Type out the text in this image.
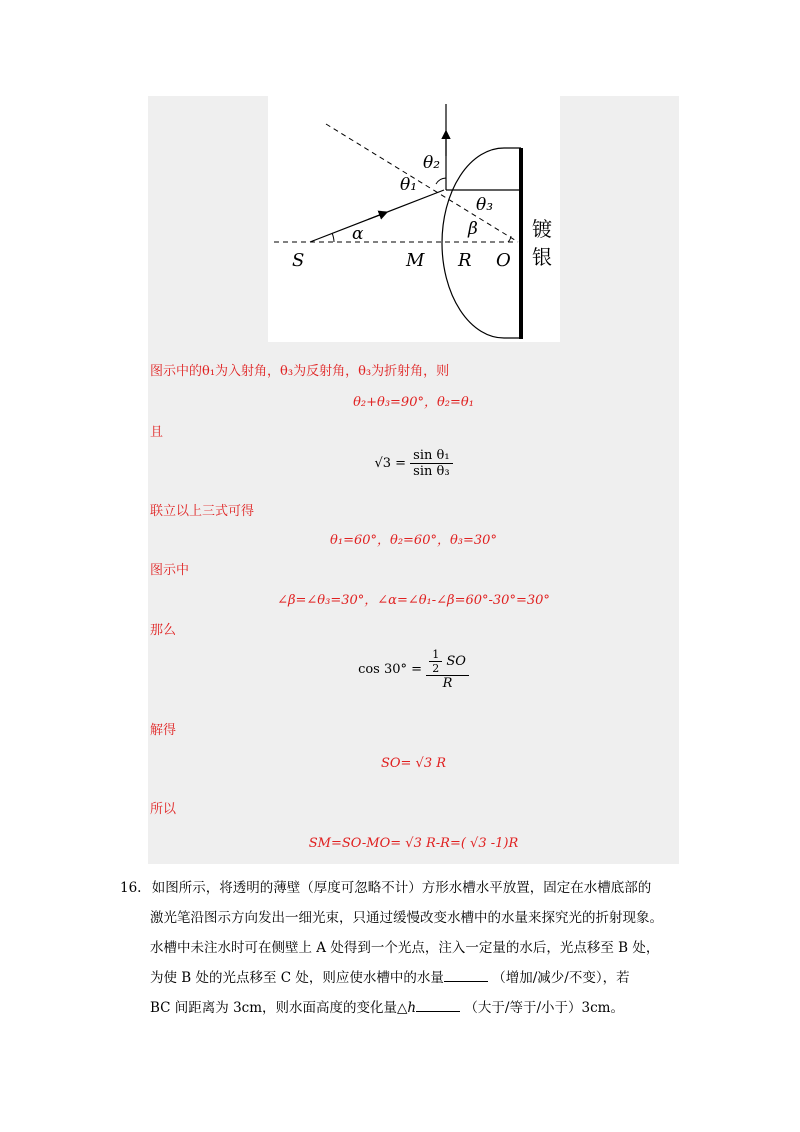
θ₂
θ₁
θ₃
α	β
S	M R O
镀
银
图示中的θ₁为入射角，θ₃为反射角，θ₃为折射角，则
θ₂+θ₃=90°，θ₂=θ₁
且
$√3 = \frac{\text{sin θ₁}}{\text{sin θ₃}}$
联立以上三式可得
θ₁=60°，θ₂=60°，θ₃=30°
图示中
∠β=∠θ₃=30°，∠α=∠θ₁-∠β=60°-30°=30°
那么
$\cos 30^\circ = \frac{\frac{1}{2} SO}{R}$
解得
SO= √3 R
所以
SM=SO-MO= √3 R-R=( √3 -1)R
16. 如图所示，将透明的薄壁（厚度可忽略不计）方形水槽水平放置，固定在水槽底部的
激光笔沿图示方向发出一细光束，只通过缓慢改变水槽中的水量来探究光的折射现象。
水槽中未注水时可在侧壁上 A 处得到一个光点，注入一定量的水后，光点移至 B 处，
为使 B 处的光点移至 C 处，则应使水槽中的水量	（增加/减少/不变），若
BC 间距离为 3cm，则水面高度的变化量△h	（大于/等于/小于）3cm。
